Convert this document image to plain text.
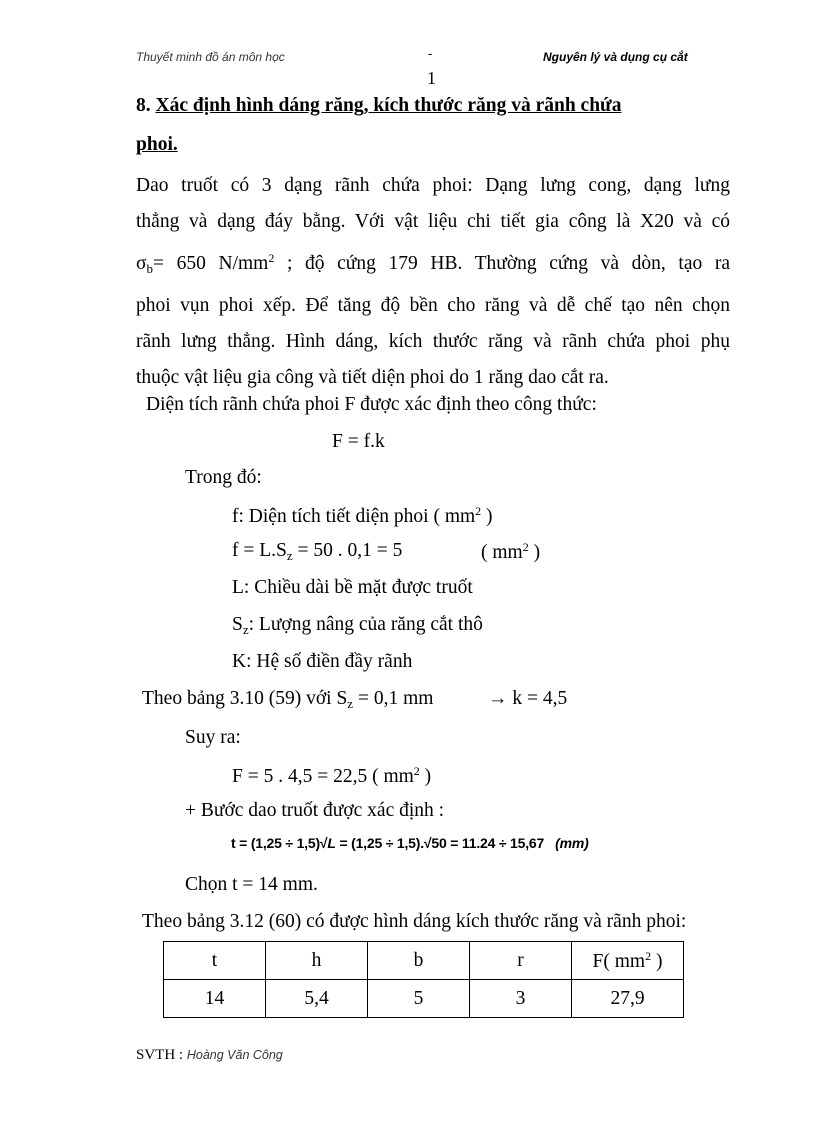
Thuyết minh đồ án môn học	-	Nguyên lý và dụng cụ cắt
1
8. Xác định hình dáng răng, kích thước răng và rãnh chứa
phoi.
Dao truốt có 3 dạng rãnh chứa phoi: Dạng lưng cong, dạng lưng
thẳng và dạng đáy bằng. Với vật liệu chi tiết gia công là X20 và có
$\sigma_b= 650$ $N/mm^2$ ; độ cứng 179 HB. Thường cứng và dòn, tạo ra
phoi vụn phoi xếp. Để tăng độ bền cho răng và dễ chế tạo nên chọn
rãnh lưng thẳng. Hình dáng, kích thước răng và rãnh chứa phoi phụ
thuộc vật liệu gia công và tiết diện phoi do 1 răng dao cắt ra.
Diện tích rãnh chứa phoi F được xác định theo công thức:
F = f.k
Trong đó:
f: Diện tích tiết diện phoi ( $mm^2$ )
$f = L.S_z = 50$ . 0,1 = 5	( $mm^2$ )
L: Chiều dài bề mặt được truốt
$S_z$: Lượng nâng của răng cắt thô
K: Hệ số điền đầy rãnh
Theo bảng 3.10 (59) với $S_z = 0,1$ mm	→ k = 4,5
Suy ra:
F = 5 . 4,5 = 22,5 ( $mm^2$ )
+ Bước dao truốt được xác định :
t = (1,25 ÷ 1,5)√L = (1,25 ÷ 1,5).√50 = 11.24 ÷ 15,67 (mm)
Chọn t = 14 mm.
Theo bảng 3.12 (60) có được hình dáng kích thước răng và rãnh phoi:
t	h	b	r	F( $mm^2$ )
14	5,4	5	3	27,9
SVTH : Hoàng Văn Công
